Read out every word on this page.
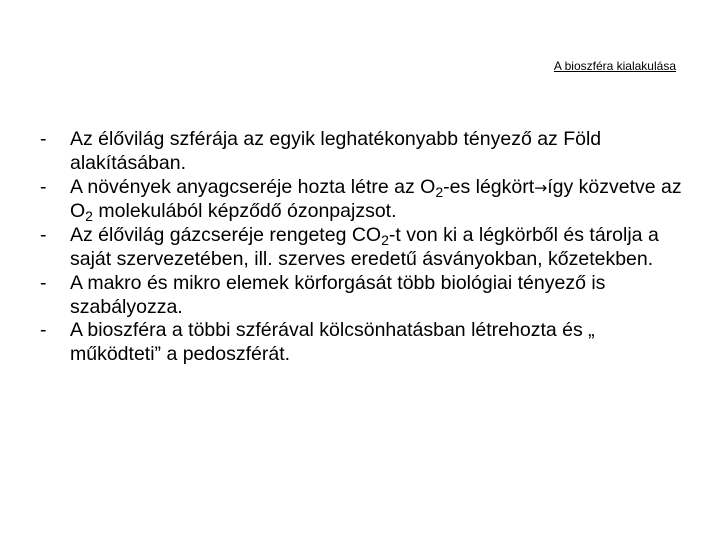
A bioszféra kialakulása
- Az élővilág szférája az egyik leghatékonyabb tényező az Föld alakításában.
- A növények anyagcseréje hozta létre az $O_2-es$ légkört→így közvetve az $O_2$ molekulából képződő ózonpajzsot.
- Az élővilág gázcseréje rengeteg $CO_2-t$ von ki a légkörből és tárolja a saját szervezetében, ill. szerves eredetű ásványokban, kőzetekben.
- A makro és mikro elemek körforgását több biológiai tényező is szabályozza.
- A bioszféra a többi szférával kölcsönhatásban létrehozta és „ működteti” a pedoszférát.
